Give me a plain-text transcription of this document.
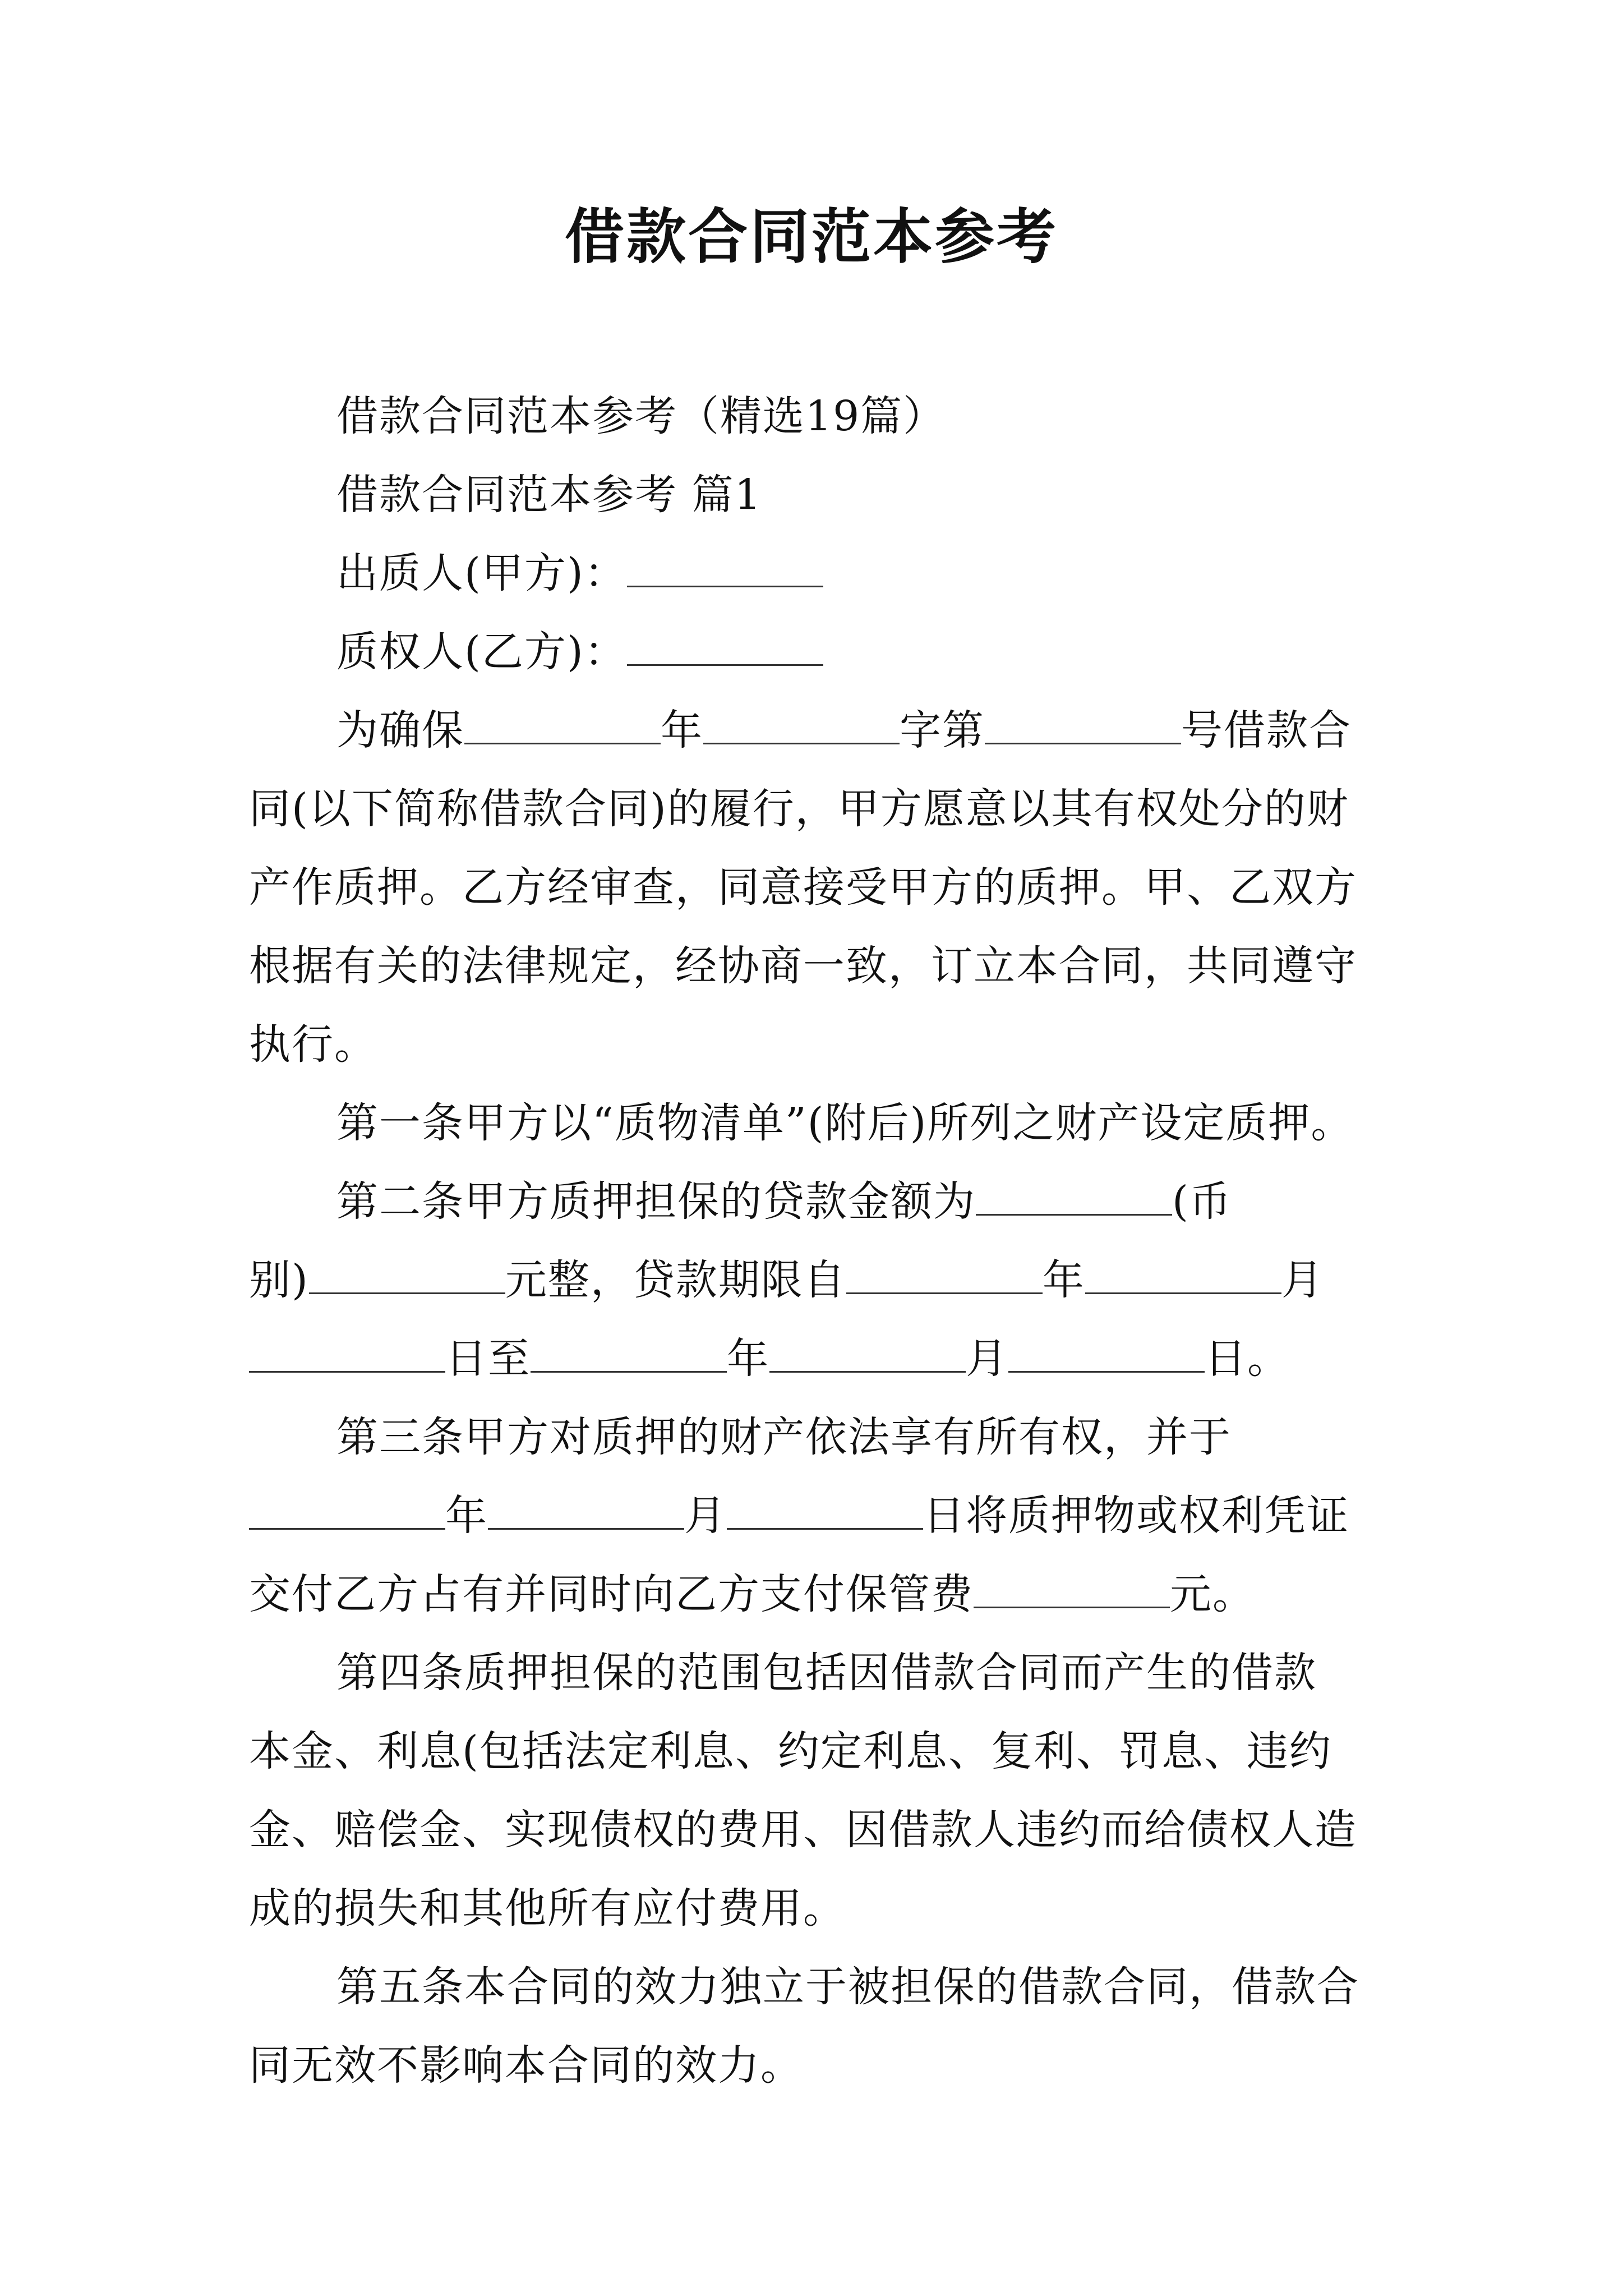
借款合同范本参考
借款合同范本参考（精选19篇）
借款合同范本参考 篇1
出质人(甲方)：
质权人(乙方)：
为确保	年	字第	号借款合
同(以下简称借款合同)的履行，甲方愿意以其有权处分的财
产作质押。乙方经审查，同意接受甲方的质押。甲、乙双方
根据有关的法律规定，经协商一致，订立本合同，共同遵守
执行。
第一条甲方以“质物清单”(附后)所列之财产设定质押。
第二条甲方质押担保的贷款金额为	(币
别)	元整，贷款期限自	年	月
日至	年	月	日。
第三条甲方对质押的财产依法享有所有权，并于
年	月	日将质押物或权利凭证
交付乙方占有并同时向乙方支付保管费	元。
第四条质押担保的范围包括因借款合同而产生的借款
本金、利息(包括法定利息、约定利息、复利、罚息、违约
金、赔偿金、实现债权的费用、因借款人违约而给债权人造
成的损失和其他所有应付费用。
第五条本合同的效力独立于被担保的借款合同，借款合
同无效不影响本合同的效力。
